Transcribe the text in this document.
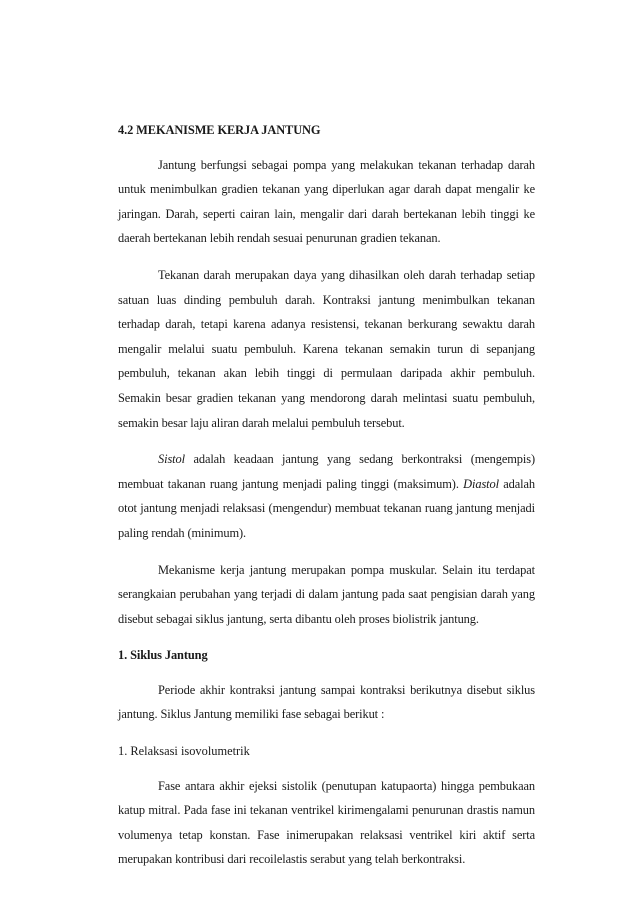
4.2 MEKANISME KERJA JANTUNG

Jantung berfungsi sebagai pompa yang melakukan tekanan terhadap darah untuk menimbulkan gradien tekanan yang diperlukan agar darah dapat mengalir ke jaringan. Darah, seperti cairan lain, mengalir dari darah bertekanan lebih tinggi ke daerah bertekanan lebih rendah sesuai penurunan gradien tekanan.

Tekanan darah merupakan daya yang dihasilkan oleh darah terhadap setiap satuan luas dinding pembuluh darah. Kontraksi jantung menimbulkan tekanan terhadap darah, tetapi karena adanya resistensi, tekanan berkurang sewaktu darah mengalir melalui suatu pembuluh. Karena tekanan semakin turun di sepanjang pembuluh, tekanan akan lebih tinggi di permulaan daripada akhir pembuluh. Semakin besar gradien tekanan yang mendorong darah melintasi suatu pembuluh, semakin besar laju aliran darah melalui pembuluh tersebut.

Sistol adalah keadaan jantung yang sedang berkontraksi (mengempis) membuat takanan ruang jantung menjadi paling tinggi (maksimum). Diastol adalah otot jantung menjadi relaksasi (mengendur) membuat tekanan ruang jantung menjadi paling rendah (minimum).

Mekanisme kerja jantung merupakan pompa muskular. Selain itu terdapat serangkaian perubahan yang terjadi di dalam jantung pada saat pengisian darah yang disebut sebagai siklus jantung, serta dibantu oleh proses biolistrik jantung.

1. Siklus Jantung

Periode akhir kontraksi jantung sampai kontraksi berikutnya disebut siklus jantung. Siklus Jantung memiliki fase sebagai berikut :

1. Relaksasi isovolumetrik

Fase antara akhir ejeksi sistolik (penutupan katupaorta) hingga pembukaan katup mitral. Pada fase ini tekanan ventrikel kirimengalami penurunan drastis namun volumenya tetap konstan. Fase inimerupakan relaksasi ventrikel kiri aktif serta merupakan kontribusi dari recoilelastis serabut yang telah berkontraksi.
